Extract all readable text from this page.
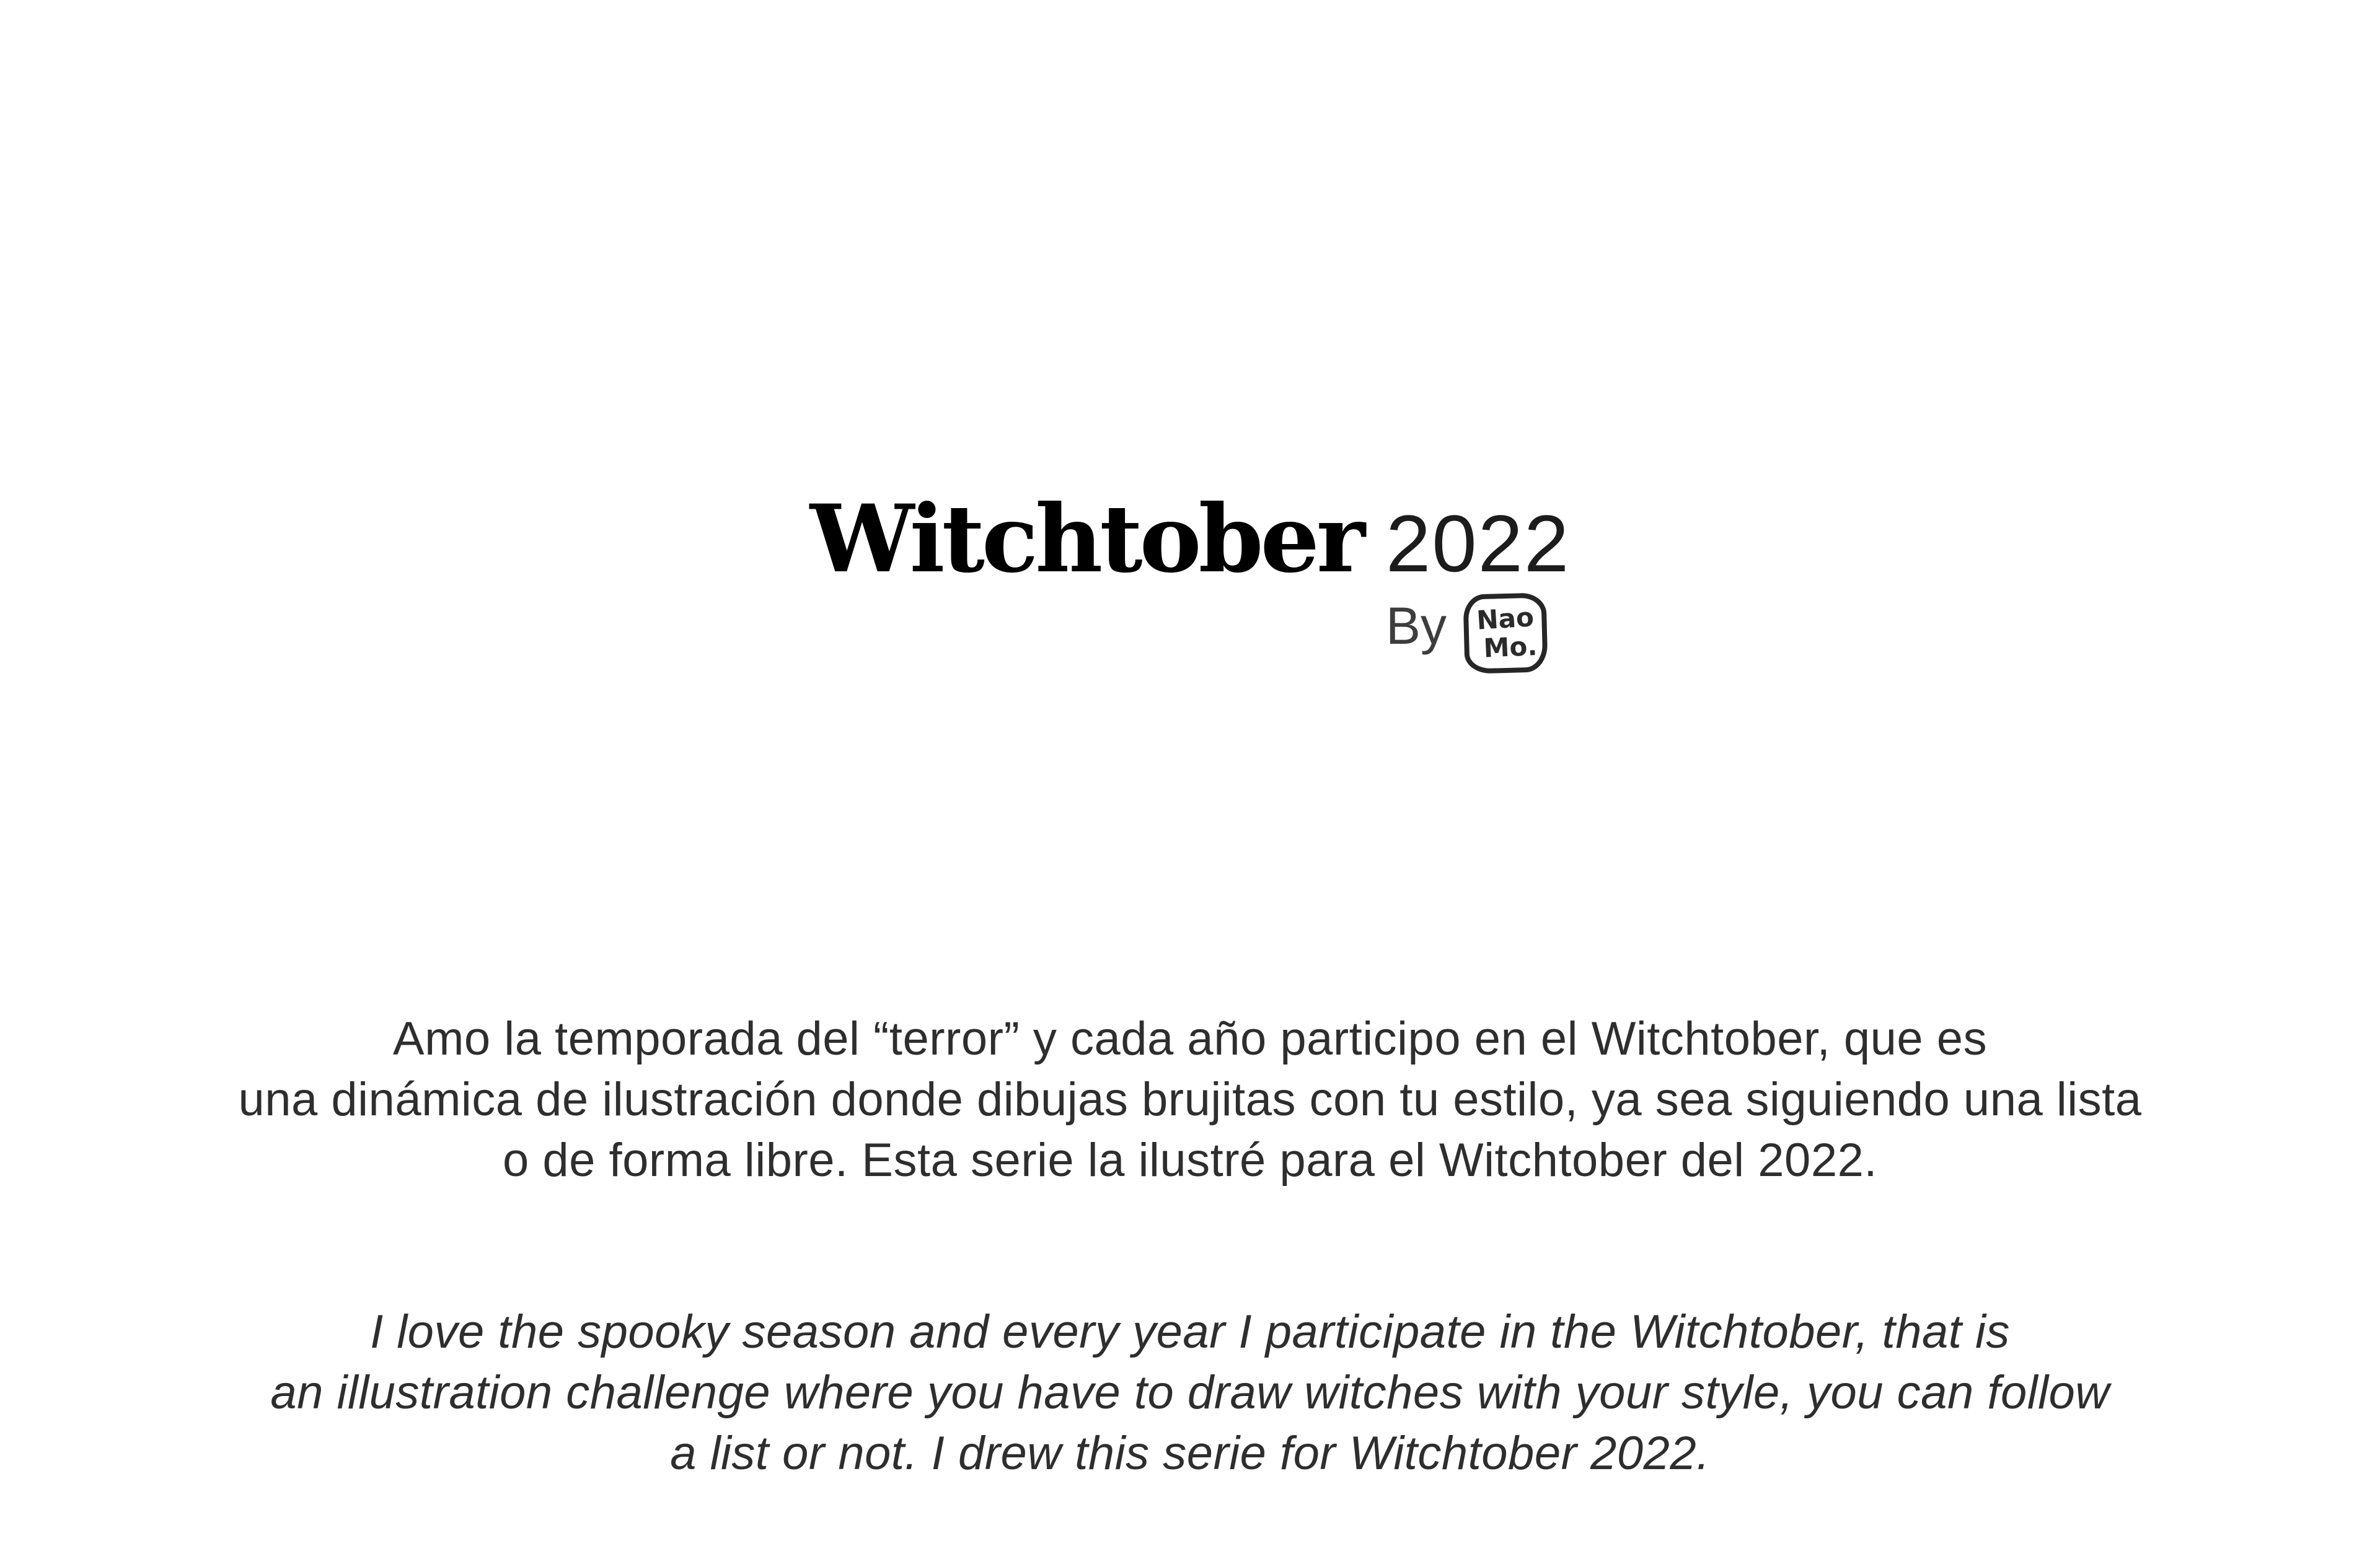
Witchtober 2022
By Nao
Mo.

Amo la temporada del “terror” y cada año participo en el Witchtober, que es
una dinámica de ilustración donde dibujas brujitas con tu estilo, ya sea siguiendo una lista
o de forma libre. Esta serie la ilustré para el Witchtober del 2022.

I love the spooky season and every year I participate in the Witchtober, that is
an illustration challenge where you have to draw witches with your style, you can follow
a list or not. I drew this serie for Witchtober 2022.
